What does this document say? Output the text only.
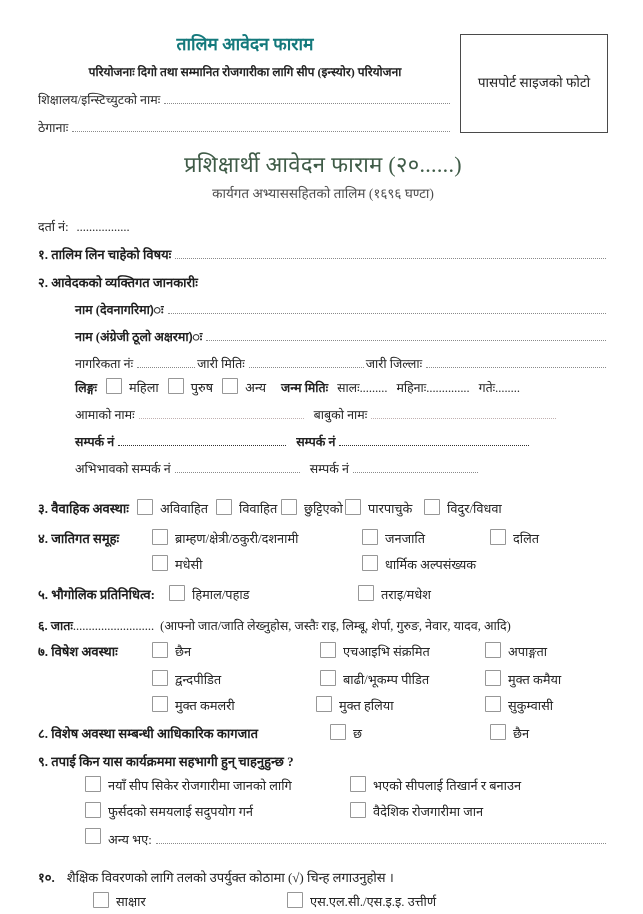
तालिम आवेदन फाराम
परियोजनाः दिगो तथा सम्मानित रोजगारीका लागि सीप (इन्स्योर) परियोजना
शिक्षालय/इन्स्टिच्युटको नामः
ठेगानाः
पासपोर्ट साइजको फोटो
प्रशिक्षार्थी आवेदन फाराम (२०......)
कार्यगत अभ्याससहितको तालिम (१६९६ घण्टा)
दर्ता नं: .................
१. तालिम लिन चाहेको विषयः
२. आवेदकको व्यक्तिगत जानकारीः
नाम (देवनागरिमा)ः
नाम (अंग्रेजी ठूलो अक्षरमा)ः
नागरिकता नंः	जारी मितिः	जारी जिल्लाः
लिङ्गः	महिला	पुरुष	अन्य जन्म मितिः सालः......... महिनाः.............. गतेः........
आमाको नामः	बाबुको नामः
सम्पर्क नं	सम्पर्क नं
अभिभावको सम्पर्क नं	सम्पर्क नं
३. वैवाहिक अवस्थाः	अविवाहित	विवाहित	छुट्टिएको	पारपाचुके	विदुर/विधवा
४. जातिगत समूहः	ब्राम्हण/क्षेत्री/ठकुरी/दशनामी	जनजाति	दलित
मधेसी	धार्मिक अल्पसंख्यक
५. भौगोलिक प्रतिनिधित्व:	हिमाल/पहाड	तराइ/मधेश
६. जातः .......................... (आफ्नो जात/जाति लेख्नुहोस, जस्तैः राइ, लिम्बू, शेर्पा, गुरुङ, नेवार, यादव, आदि)
७. विषेश अवस्थाः	छैन	एचआइभि संक्रमित	अपाङ्गता
द्वन्दपीडित	बाढी/भूकम्प पीडित	मुक्त कमैया
मुक्त कमलरी	मुक्त हलिया	सुकुम्वासी
८. विशेष अवस्था सम्बन्धी आधिकारिक कागजात	छ	छैन
९. तपाई किन यास कार्यक्रममा सहभागी हुन् चाहनुहुन्छ ?
नयाँ सीप सिकेर रोजगारीमा जानको लागि	भएको सीपलाई तिखार्न र बनाउन
फुर्सदको समयलाई सदुपयोग गर्न	वैदेशिक रोजगारीमा जान
अन्य भए:
१०. शैक्षिक विवरणको लागि तलको उपर्युक्त कोठामा (√) चिन्ह लगाउनुहोस ।
साक्षार	एस.एल.सी./एस.इ.इ. उत्तीर्ण
